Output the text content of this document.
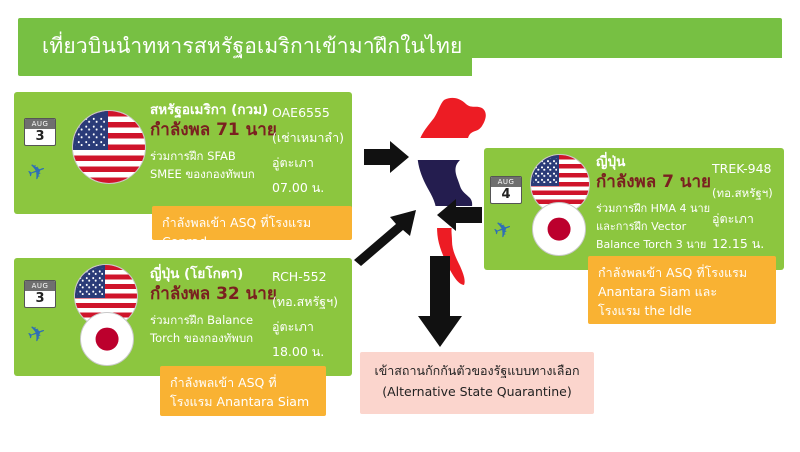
เที่ยวบินนำทหารสหรัฐอเมริกาเข้ามาฝึกในไทย
AUG
3
✈
สหรัฐอเมริกา (กวม)
กำลังพล 71 นาย
ร่วมการฝึก SFAB
SMEE ของกองทัพบก
OAE6555
(เช่าเหมาลำ)
อู่ตะเภา
07.00 น.
AUG
3
✈
ญี่ปุ่น (โยโกตา)
กำลังพล 32 นาย
ร่วมการฝึก Balance
Torch ของกองทัพบก
RCH-552
(ทอ.สหรัฐฯ)
อู่ตะเภา
18.00 น.
AUG
4
✈
ญี่ปุ่น
กำลังพล 7 นาย
ร่วมการฝึก HMA 4 นาย
และการฝึก Vector
Balance Torch 3 นาย
TREK-948
(ทอ.สหรัฐฯ)
อู่ตะเภา
12.15 น.
กำลังพลเข้า ASQ ที่โรงแรม Conrad
กำลังพลเข้า ASQ ที่
โรงแรม Anantara Siam
กำลังพลเข้า ASQ ที่โรงแรม
Anantara Siam และ
โรงแรม the Idle
เข้าสถานกักกันตัวของรัฐแบบทางเลือก
(Alternative State Quarantine)
